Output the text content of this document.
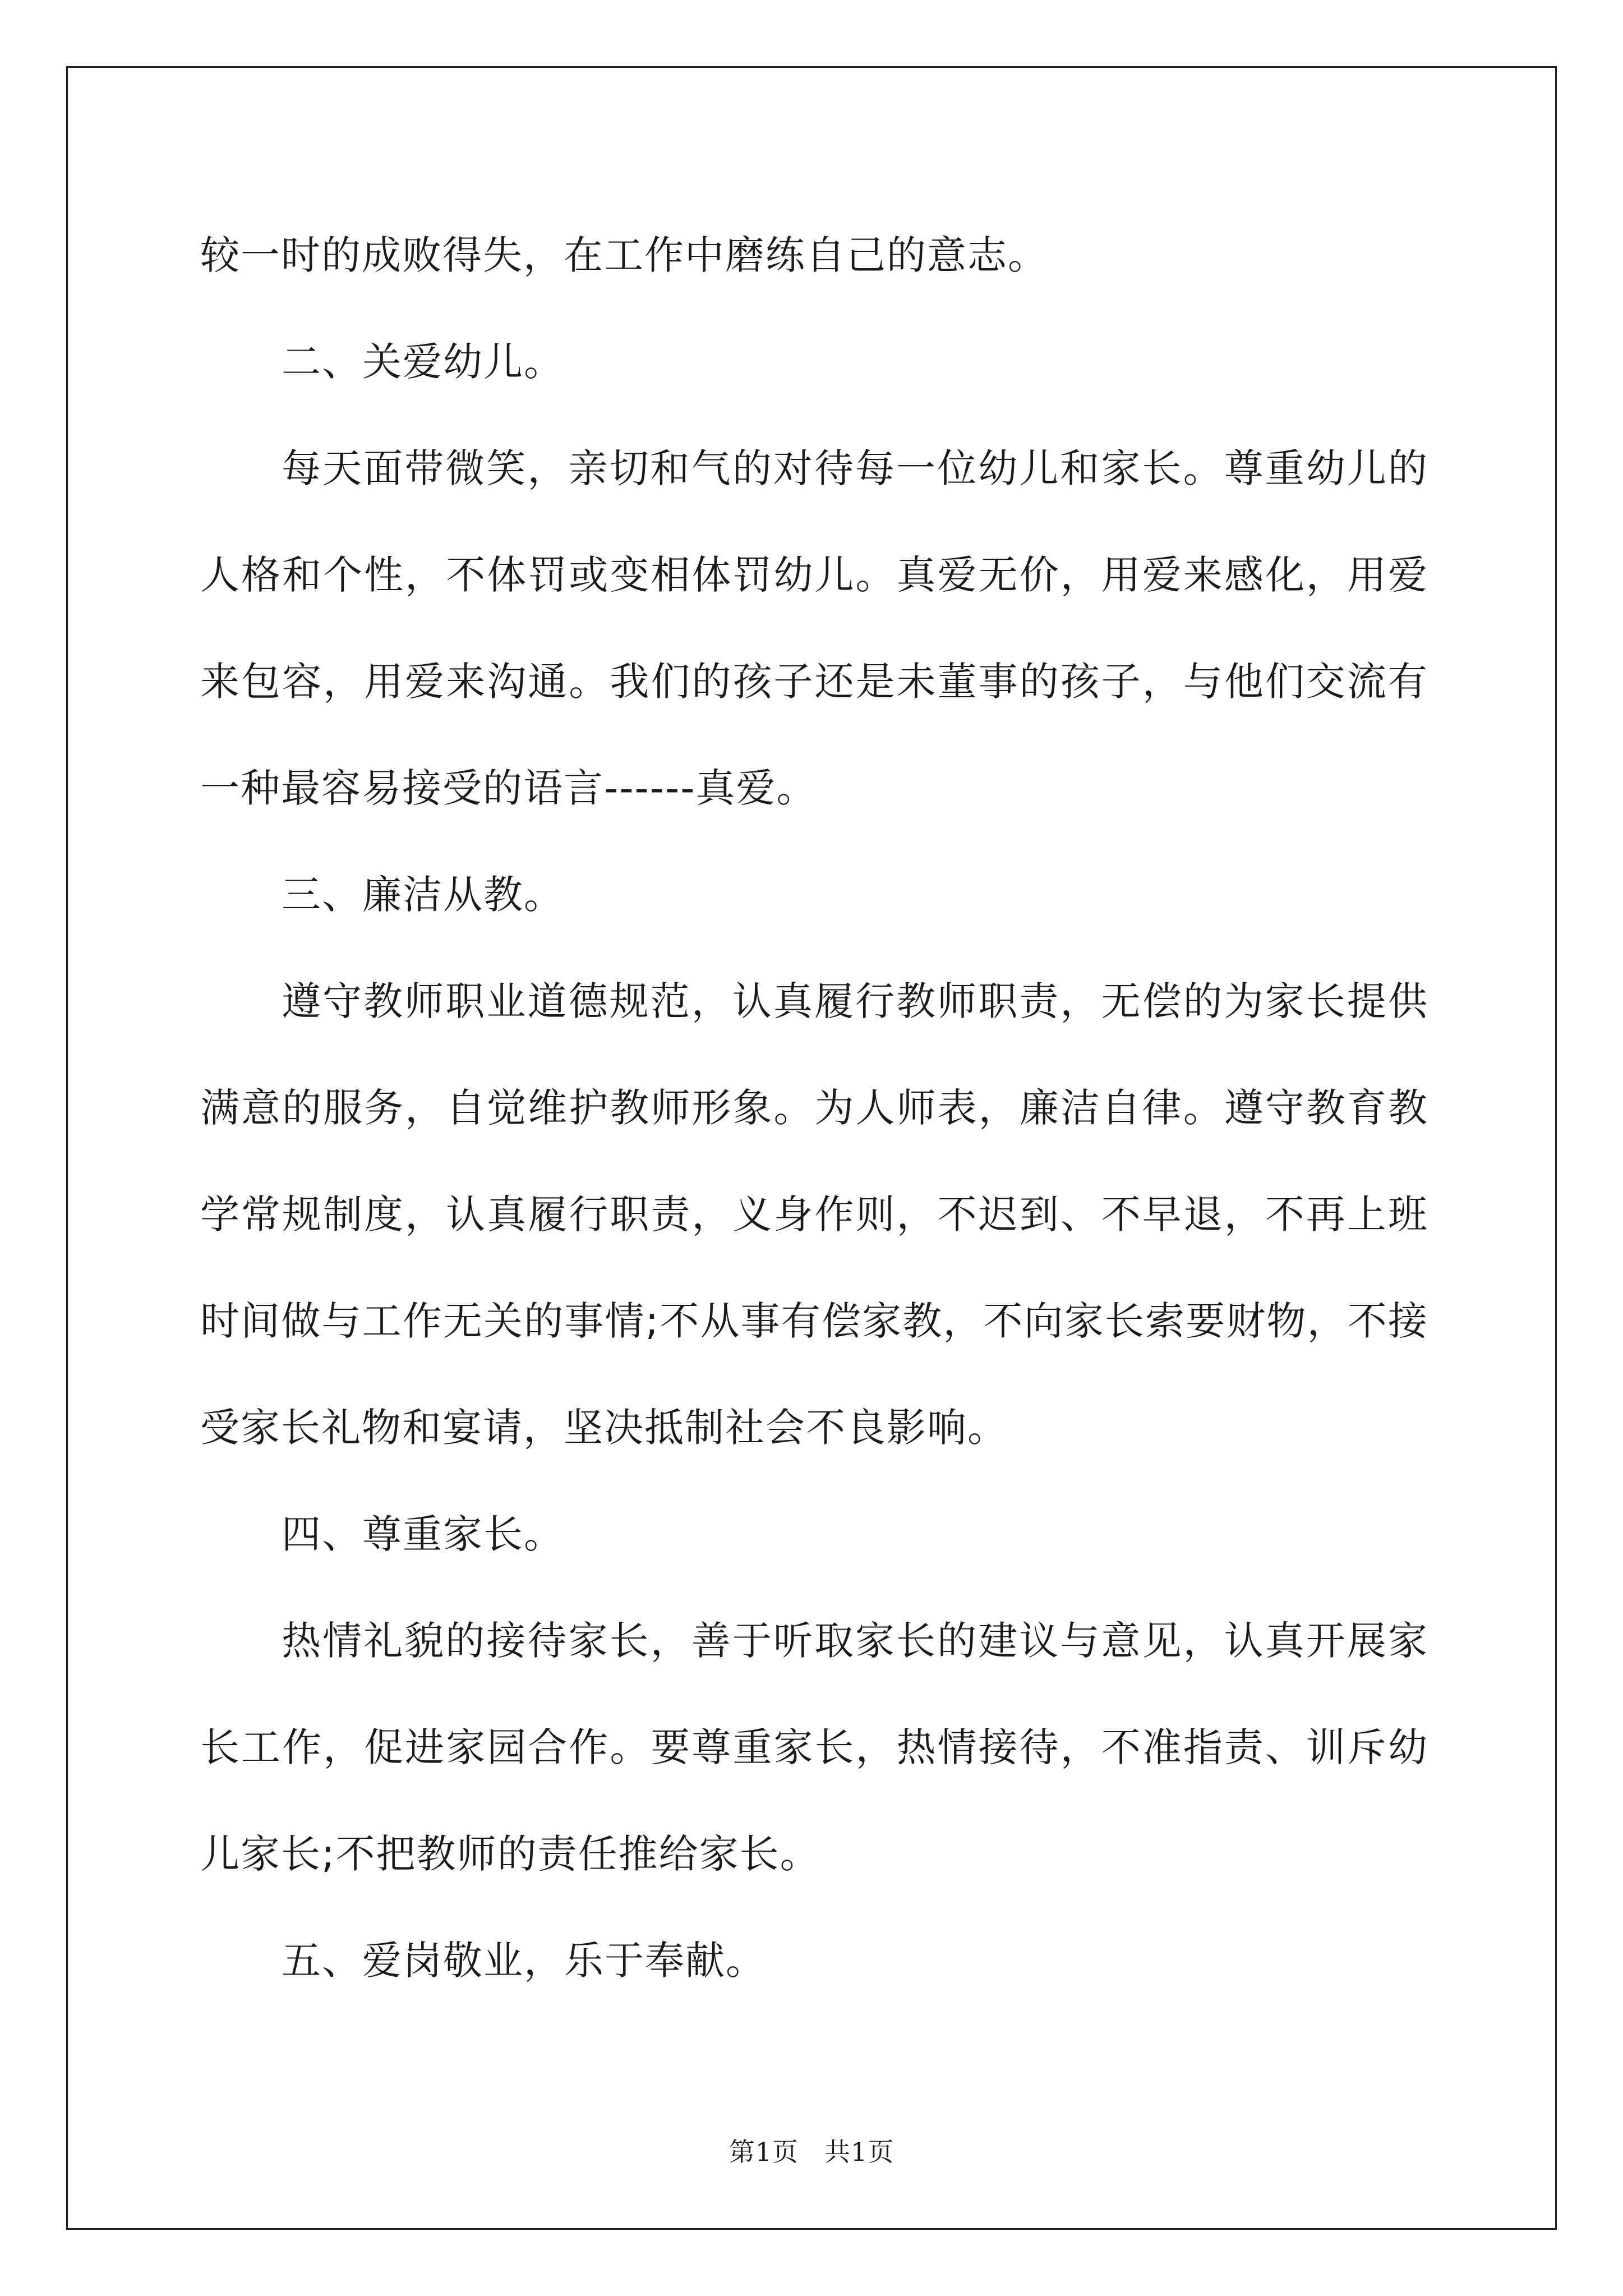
较一时的成败得失，在工作中磨练自己的意志。

二、关爱幼儿。

每天面带微笑，亲切和气的对待每一位幼儿和家长。尊重幼儿的人格和个性，不体罚或变相体罚幼儿。真爱无价，用爱来感化，用爱来包容，用爱来沟通。我们的孩子还是未董事的孩子，与他们交流有一种最容易接受的语言------真爱。

三、廉洁从教。

遵守教师职业道德规范，认真履行教师职责，无偿的为家长提供满意的服务，自觉维护教师形象。为人师表，廉洁自律。遵守教育教学常规制度，认真履行职责，义身作则，不迟到、不早退，不再上班时间做与工作无关的事情;不从事有偿家教，不向家长索要财物，不接受家长礼物和宴请，坚决抵制社会不良影响。

四、尊重家长。

热情礼貌的接待家长，善于听取家长的建议与意见，认真开展家长工作，促进家园合作。要尊重家长，热情接待，不准指责、训斥幼儿家长;不把教师的责任推给家长。

五、爱岗敬业，乐于奉献。

第1页 共1页
